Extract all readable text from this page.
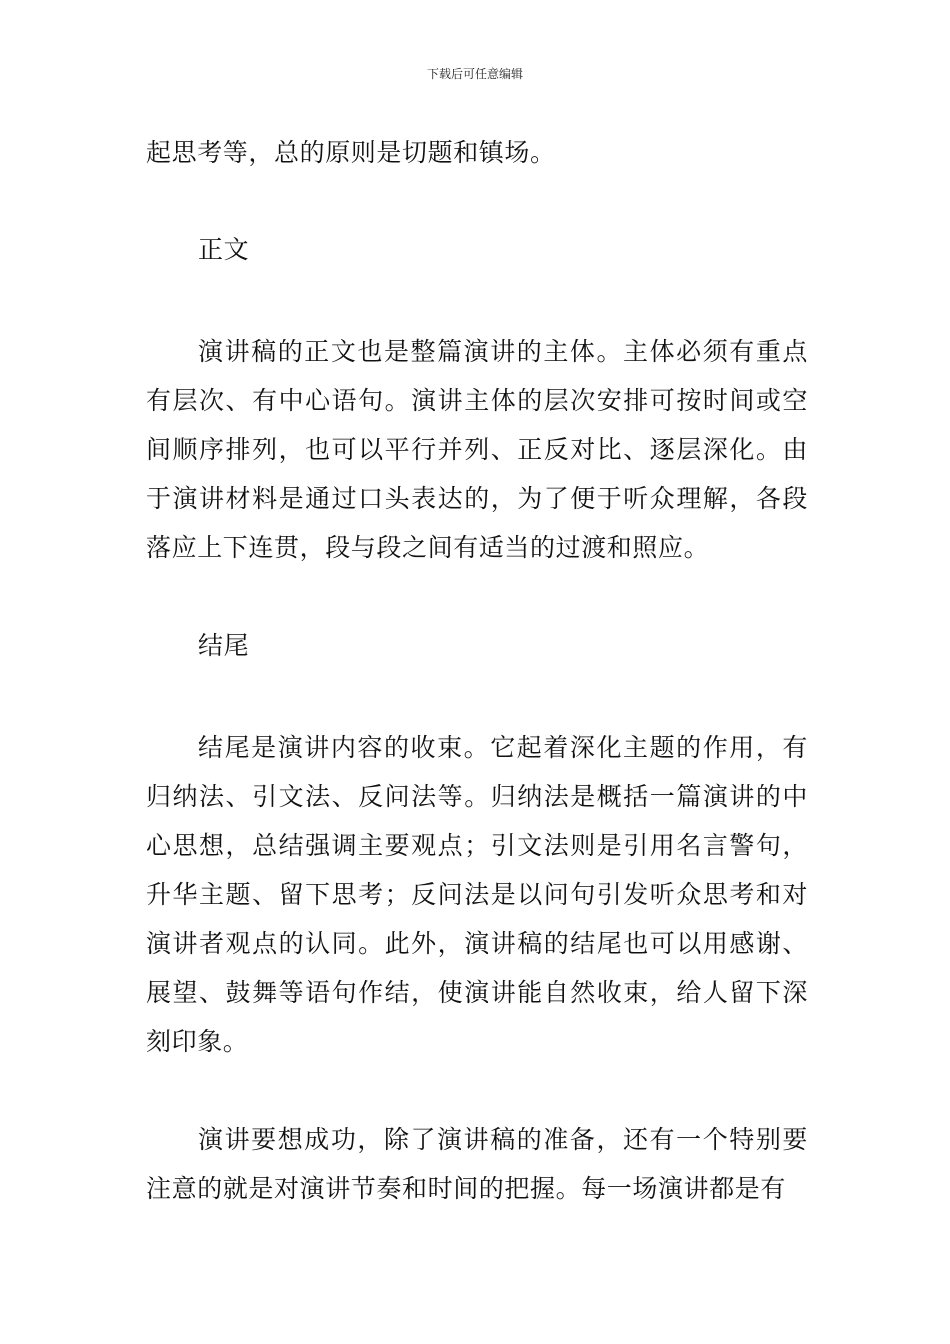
下载后可任意编辑
起思考等，总的原则是切题和镇场。
正文
演讲稿的正文也是整篇演讲的主体。主体必须有重点有层次、有中心语句。演讲主体的层次安排可按时间或空间顺序排列，也可以平行并列、正反对比、逐层深化。由于演讲材料是通过口头表达的，为了便于听众理解，各段落应上下连贯，段与段之间有适当的过渡和照应。
结尾
结尾是演讲内容的收束。它起着深化主题的作用，有归纳法、引文法、反问法等。归纳法是概括一篇演讲的中心思想，总结强调主要观点；引文法则是引用名言警句，升华主题、留下思考；反问法是以问句引发听众思考和对演讲者观点的认同。此外，演讲稿的结尾也可以用感谢、展望、鼓舞等语句作结，使演讲能自然收束，给人留下深刻印象。
演讲要想成功，除了演讲稿的准备，还有一个特别要注意的就是对演讲节奏和时间的把握。每一场演讲都是有
